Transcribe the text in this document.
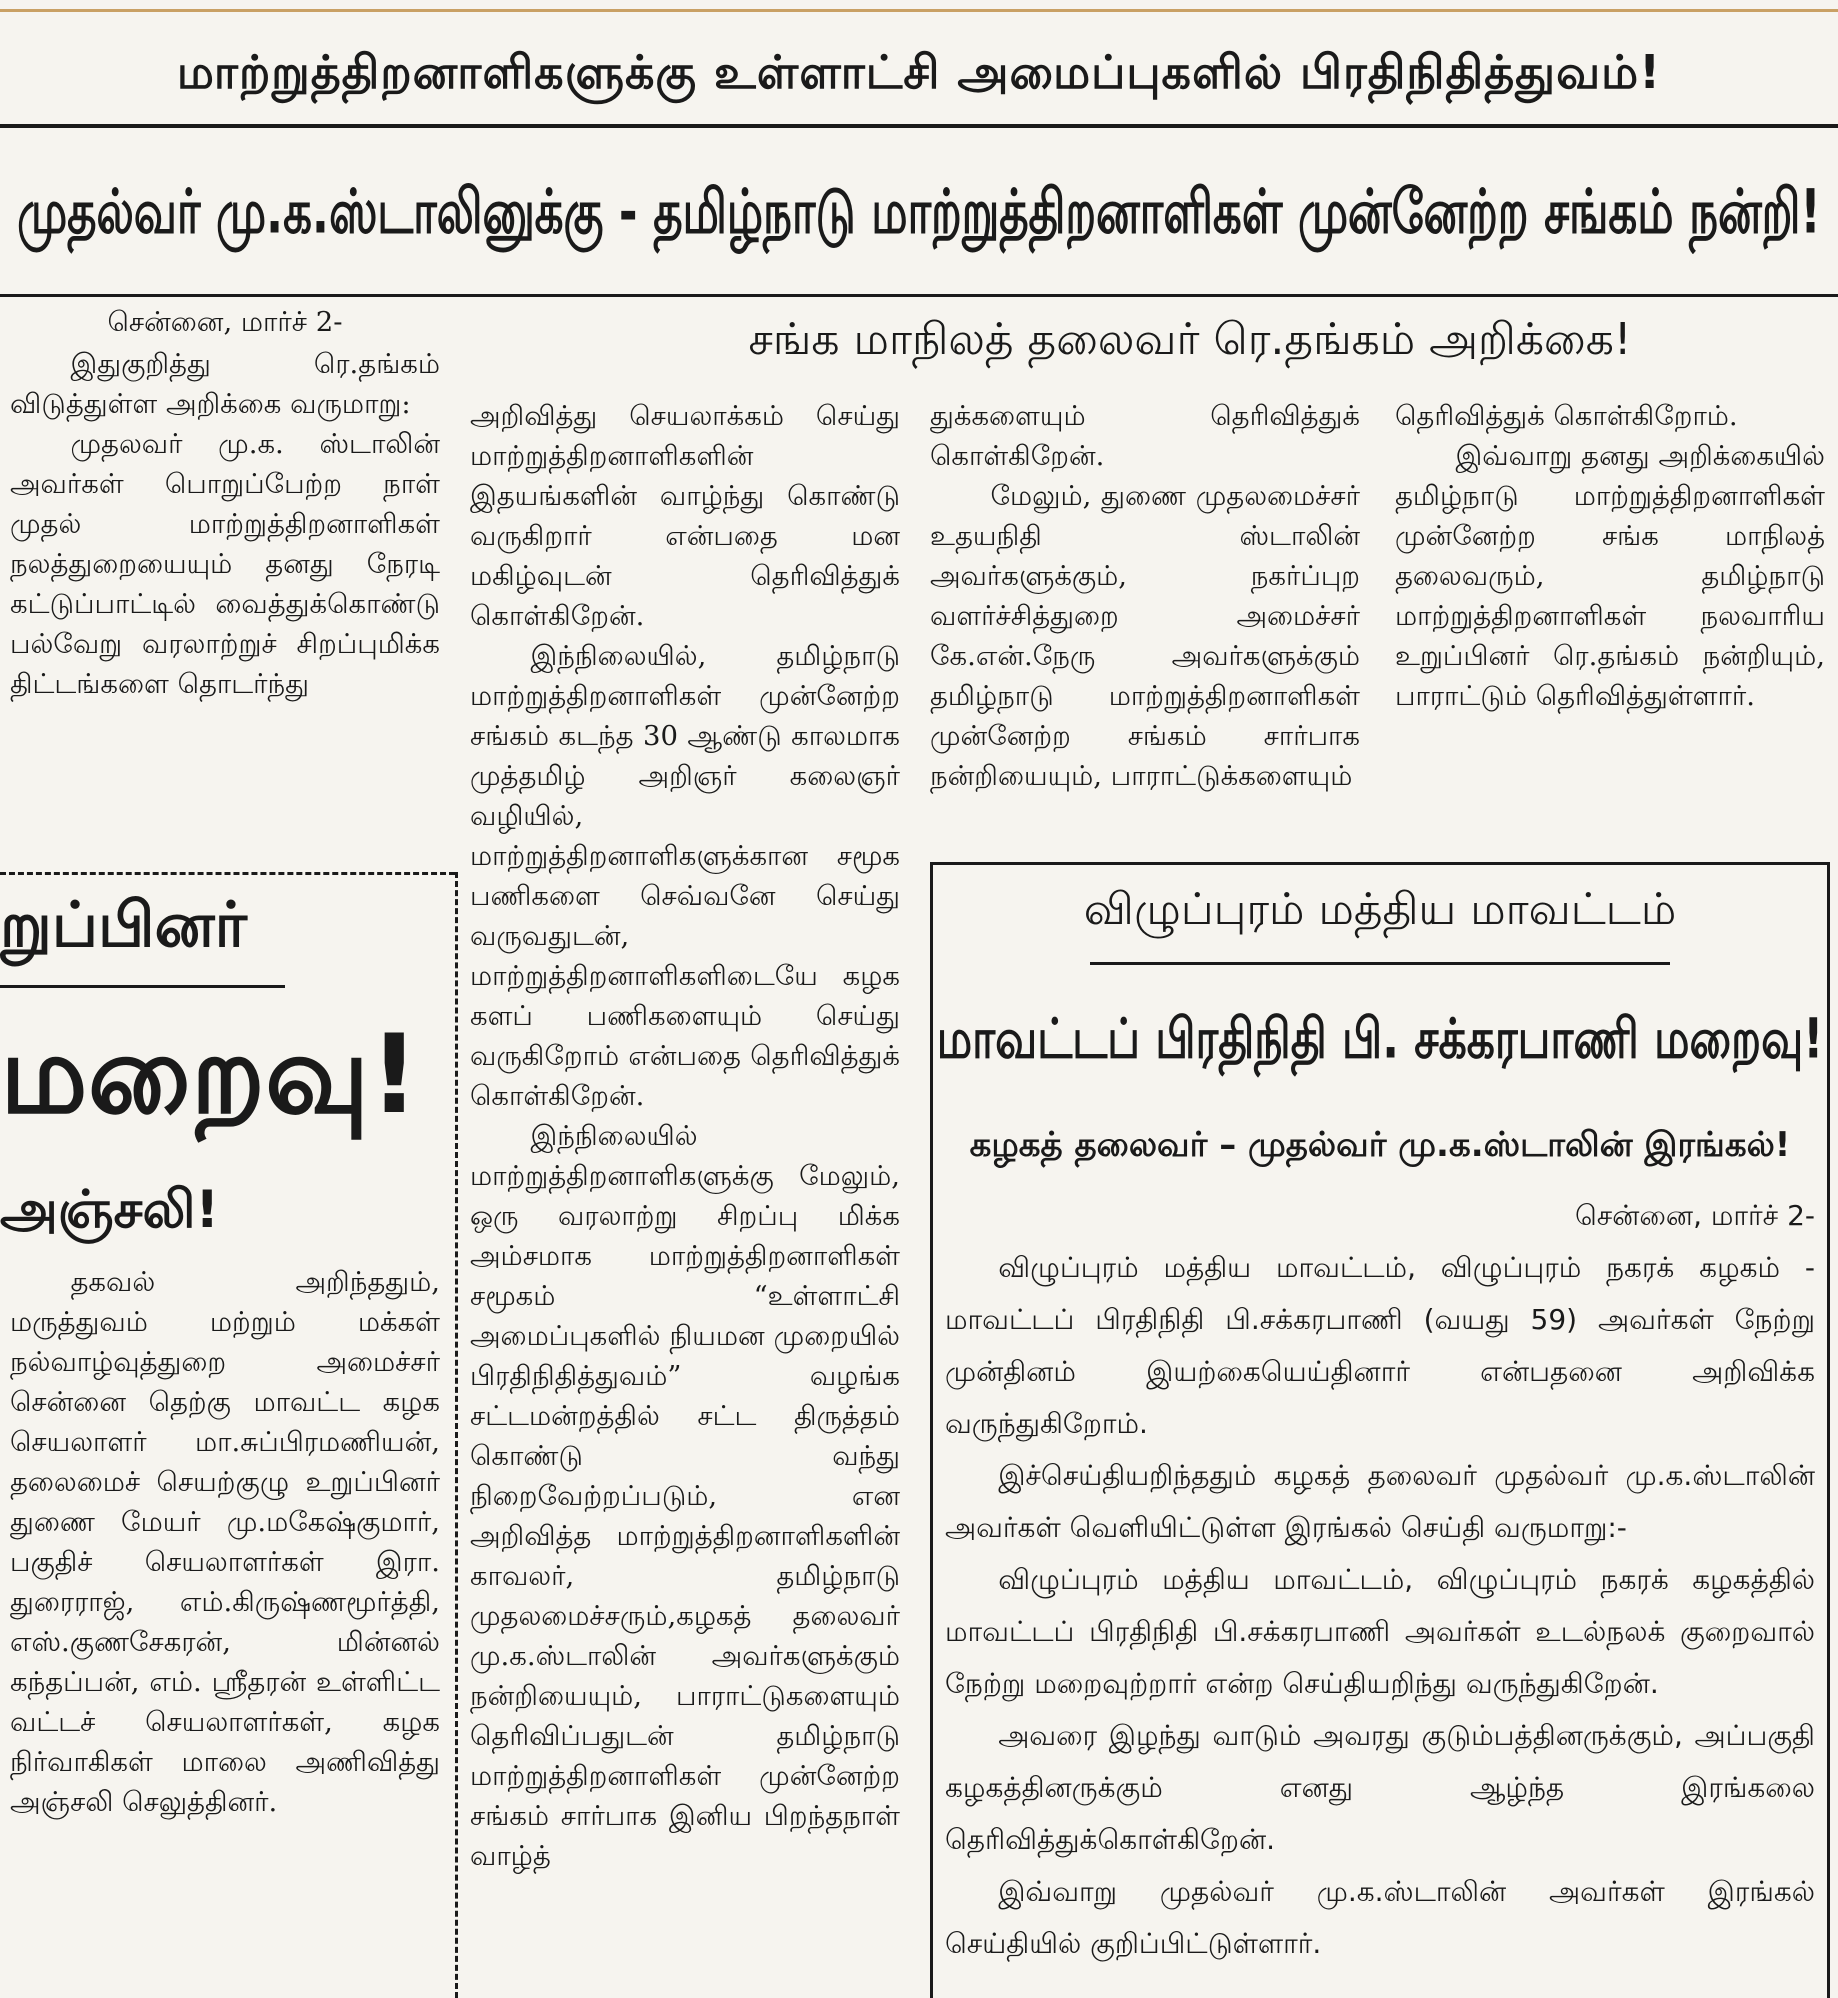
மாற்றுத்திறனாளிகளுக்கு உள்ளாட்சி அமைப்புகளில் பிரதிநிதித்துவம்!
முதல்வர் மு.க.ஸ்டாலினுக்கு - தமிழ்நாடு மாற்றுத்திறனாளிகள் முன்னேற்ற சங்கம் நன்றி!
சங்க மாநிலத் தலைவர் ரெ.தங்கம் அறிக்கை!

சென்னை, மார்ச் 2-

இதுகுறித்து ரெ.தங்கம் விடுத்துள்ள அறிக்கை வருமாறு:

முதலவர் மு.க. ஸ்டாலின் அவர்கள் பொறுப்பேற்ற நாள் முதல் மாற்றுத்திறனாளிகள் நலத்துறையையும் தனது நேரடி கட்டுப்பாட்டில் வைத்துக்கொண்டு பல்வேறு வரலாற்றுச் சிறப்புமிக்க திட்டங்களை தொடர்ந்து

அறிவித்து செயலாக்கம் செய்து மாற்றுத்திறனாளிகளின் இதயங்களின் வாழ்ந்து கொண்டு வருகிறார் என்பதை மன மகிழ்வுடன் தெரிவித்துக் கொள்கிறேன்.

இந்நிலையில், தமிழ்நாடு மாற்றுத்திறனாளிகள் முன்னேற்ற சங்கம் கடந்த 30 ஆண்டு காலமாக முத்தமிழ் அறிஞர் கலைஞர் வழியில், மாற்றுத்திறனாளிகளுக்கான சமூக பணிகளை செவ்வனே செய்து வருவதுடன், மாற்றுத்திறனாளிகளிடையே கழக களப் பணிகளையும் செய்து வருகிறோம் என்பதை தெரிவித்துக் கொள்கிறேன்.

இந்நிலையில் மாற்றுத்திறனாளிகளுக்கு மேலும், ஒரு வரலாற்று சிறப்பு மிக்க அம்சமாக மாற்றுத்திறனாளிகள் சமூகம் “உள்ளாட்சி அமைப்புகளில் நியமன முறையில் பிரதிநிதித்துவம்” வழங்க சட்டமன்றத்தில் சட்ட திருத்தம் கொண்டு வந்து நிறைவேற்றப்படும், என அறிவித்த மாற்றுத்திறனாளிகளின் காவலர், தமிழ்நாடு முதலமைச்சரும்,கழகத் தலைவர் மு.க.ஸ்டாலின் அவர்களுக்கும் நன்றியையும், பாராட்டுகளையும் தெரிவிப்பதுடன் தமிழ்நாடு மாற்றுத்திறனாளிகள் முன்னேற்ற சங்கம் சார்பாக இனிய பிறந்தநாள் வாழ்த்

துக்களையும் தெரிவித்துக் கொள்கிறேன்.

மேலும், துணை முதலமைச்சர் உதயநிதி ஸ்டாலின் அவர்களுக்கும், நகர்ப்புற வளர்ச்சித்துறை அமைச்சர் கே.என்.நேரு அவர்களுக்கும் தமிழ்நாடு மாற்றுத்திறனாளிகள் முன்னேற்ற சங்கம் சார்பாக நன்றியையும், பாராட்டுக்களையும்

தெரிவித்துக் கொள்கிறோம்.

இவ்வாறு தனது அறிக்கையில் தமிழ்நாடு மாற்றுத்திறனாளிகள் முன்னேற்ற சங்க மாநிலத் தலைவரும், தமிழ்நாடு மாற்றுத்திறனாளிகள் நலவாரிய உறுப்பினர் ரெ.தங்கம் நன்றியும், பாராட்டும் தெரிவித்துள்ளார்.

றுப்பினர்
மறைவு!
அஞ்சலி!

தகவல் அறிந்ததும், மருத்துவம் மற்றும் மக்கள் நல்வாழ்வுத்துறை அமைச்சர் சென்னை தெற்கு மாவட்ட கழக செயலாளர் மா.சுப்பிரமணியன், தலைமைச் செயற்குழு உறுப்பினர் துணை மேயர் மு.மகேஷ்குமார், பகுதிச் செயலாளர்கள் இரா. துரைராஜ், எம்.கிருஷ்ணமூர்த்தி, எஸ்.குணசேகரன், மின்னல் கந்தப்பன், எம். ஸ்ரீதரன் உள்ளிட்ட வட்டச் செயலாளர்கள், கழக நிர்வாகிகள் மாலை அணிவித்து அஞ்சலி செலுத்தினர்.

விழுப்புரம் மத்திய மாவட்டம்
மாவட்டப் பிரதிநிதி பி. சக்கரபாணி மறைவு!
கழகத் தலைவர் – முதல்வர் மு.க.ஸ்டாலின் இரங்கல்!

சென்னை, மார்ச் 2-

விழுப்புரம் மத்திய மாவட்டம், விழுப்புரம் நகரக் கழகம் - மாவட்டப் பிரதிநிதி பி.சக்கரபாணி (வயது 59) அவர்கள் நேற்று முன்தினம் இயற்கையெய்தினார் என்பதனை அறிவிக்க வருந்துகிறோம்.

இச்செய்தியறிந்ததும் கழகத் தலைவர் முதல்வர் மு.க.ஸ்டாலின் அவர்கள் வெளியிட்டுள்ள இரங்கல் செய்தி வருமாறு:-

விழுப்புரம் மத்திய மாவட்டம், விழுப்புரம் நகரக் கழகத்தில் மாவட்டப் பிரதிநிதி பி.சக்கரபாணி அவர்கள் உடல்நலக் குறைவால் நேற்று மறைவுற்றார் என்ற செய்தியறிந்து வருந்துகிறேன்.

அவரை இழந்து வாடும் அவரது குடும்பத்தினருக்கும், அப்பகுதி கழகத்தினருக்கும் எனது ஆழ்ந்த இரங்கலை தெரிவித்துக்கொள்கிறேன்.

இவ்வாறு முதல்வர் மு.க.ஸ்டாலின் அவர்கள் இரங்கல் செய்தியில் குறிப்பிட்டுள்ளார்.
